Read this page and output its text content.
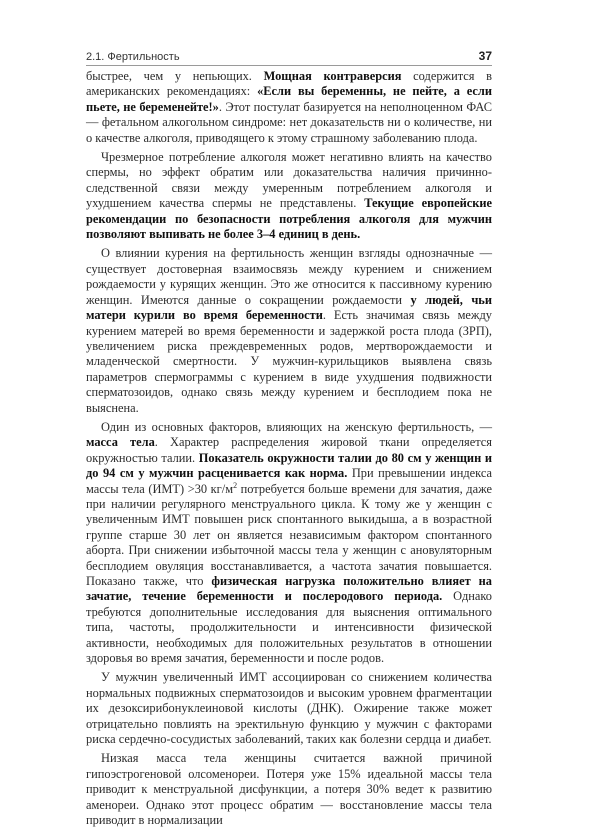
2.1. Фертильность	37

быстрее, чем у непьющих. Мощная контраверсия содержится в американских рекомендациях: «Если вы беременны, не пейте, а если пьете, не беременейте!». Этот постулат базируется на неполноценном ФАС — фетальном алкогольном синдроме: нет доказательств ни о количестве, ни о качестве алкоголя, приводящего к этому страшному заболеванию плода.

Чрезмерное потребление алкоголя может негативно влиять на качество спермы, но эффект обратим или доказательства наличия причинно-следственной связи между умеренным потреблением алкоголя и ухудшением качества спермы не представлены. Текущие европейские рекомендации по безопасности потребления алкоголя для мужчин позволяют выпивать не более 3–4 единиц в день.

О влиянии курения на фертильность женщин взгляды однозначные — существует достоверная взаимосвязь между курением и снижением рождаемости у курящих женщин. Это же относится к пассивному курению женщин. Имеются данные о сокращении рождаемости у людей, чьи матери курили во время беременности. Есть значимая связь между курением матерей во время беременности и задержкой роста плода (ЗРП), увеличением риска преждевременных родов, мертворождаемости и младенческой смертности. У мужчин-курильщиков выявлена связь параметров спермограммы с курением в виде ухудшения подвижности сперматозоидов, однако связь между курением и бесплодием пока не выяснена.

Один из основных факторов, влияющих на женскую фертильность, — масса тела. Характер распределения жировой ткани определяется окружностью талии. Показатель окружности талии до 80 см у женщин и до 94 см у мужчин расценивается как норма. При превышении индекса массы тела (ИМТ) >30 $кг/м^2$ потребуется больше времени для зачатия, даже при наличии регулярного менструального цикла. К тому же у женщин с увеличенным ИМТ повышен риск спонтанного выкидыша, а в возрастной группе старше 30 лет он является независимым фактором спонтанного аборта. При снижении избыточной массы тела у женщин с ановуляторным бесплодием овуляция восстанавливается, а частота зачатия повышается. Показано также, что физическая нагрузка положительно влияет на зачатие, течение беременности и послеродового периода. Однако требуются дополнительные исследования для выяснения оптимального типа, частоты, продолжительности и интенсивности физической активности, необходимых для положительных результатов в отношении здоровья во время зачатия, беременности и после родов.

У мужчин увеличенный ИМТ ассоциирован со снижением количества нормальных подвижных сперматозоидов и высоким уровнем фрагментации их дезоксирибонуклеиновой кислоты (ДНК). Ожирение также может отрицательно повлиять на эректильную функцию у мужчин с факторами риска сердечно-сосудистых заболеваний, таких как болезни сердца и диабет.

Низкая масса тела женщины считается важной причиной гипоэстрогеновой олсоменореи. Потеря уже 15% идеальной массы тела приводит к менструальной дисфункции, а потеря 30% ведет к развитию аменореи. Однако этот процесс обратим — восстановление массы тела приводит в нормализации
